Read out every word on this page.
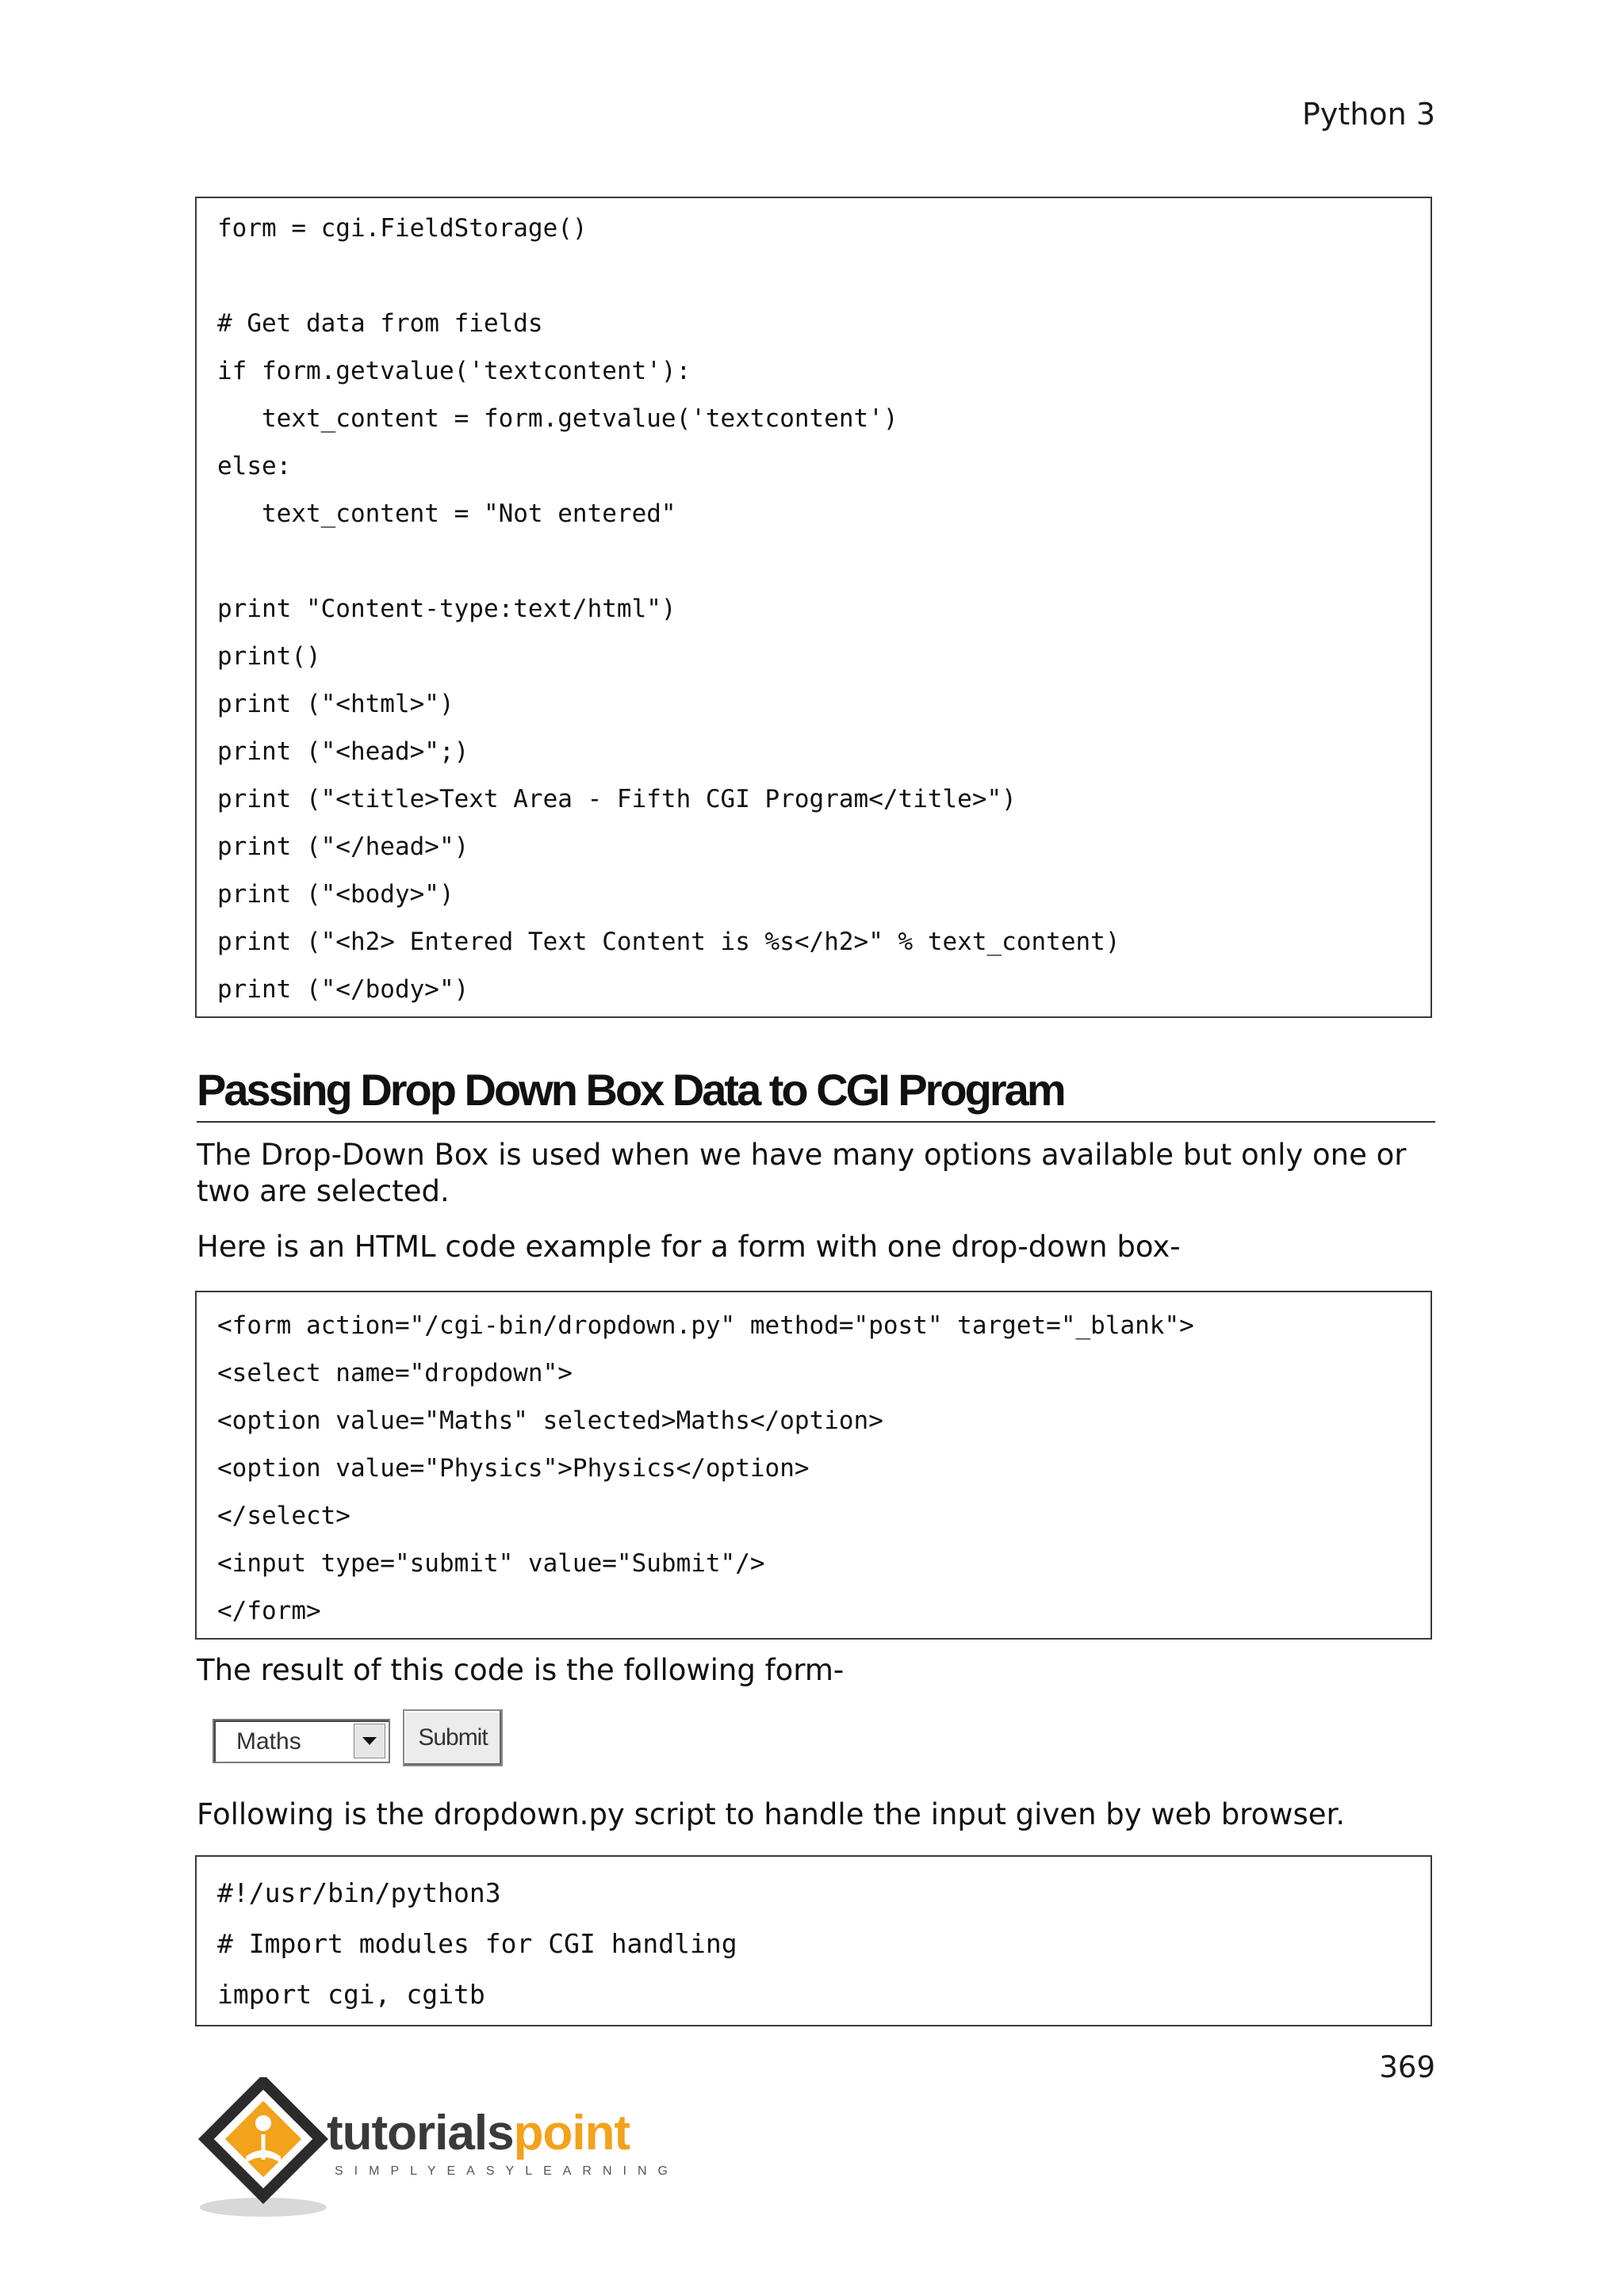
Python 3
form = cgi.FieldStorage()
# Get data from fields
if form.getvalue('textcontent'):
text_content = form.getvalue('textcontent')
else:
text_content = "Not entered"
print "Content-type:text/html")
print()
print ("<html>")
print ("<head>";)
print ("<title>Text Area - Fifth CGI Program</title>")
print ("</head>")
print ("<body>")
print ("<h2> Entered Text Content is %s</h2>" % text_content)
print ("</body>")
Passing Drop Down Box Data to CGI Program
The Drop-Down Box is used when we have many options available but only one or two are selected.
Here is an HTML code example for a form with one drop-down box-
<form action="/cgi-bin/dropdown.py" method="post" target="_blank">
<select name="dropdown">
<option value="Maths" selected>Maths</option>
<option value="Physics">Physics</option>
</select>
<input type="submit" value="Submit"/>
</form>
The result of this code is the following form-
Maths	Submit
Following is the dropdown.py script to handle the input given by web browser.
#!/usr/bin/python3
# Import modules for CGI handling
import cgi, cgitb
369
tutorialspoint
SIMPLYEASYLEARNING
